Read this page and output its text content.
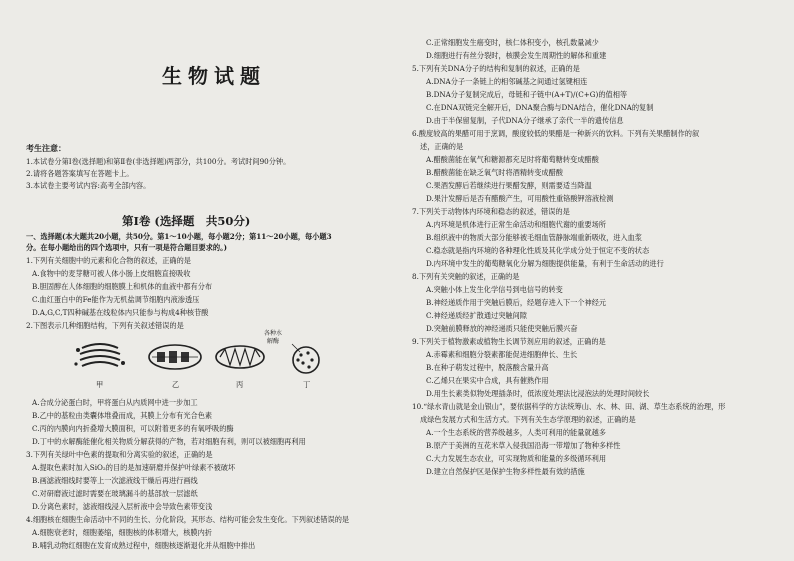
生物试题
考生注意：
1.本试卷分第Ⅰ卷(选择题)和第Ⅱ卷(非选择题)两部分，共100分。考试时间90分钟。
2.请将各题答案填写在答题卡上。
3.本试卷主要考试内容:高考全部内容。
第Ⅰ卷 (选择题　共50分)
一、选择题(本大题共20小题，共50分。第1～10小题，每小题2分；第11～20小题，每小题3
分。在每小题给出的四个选项中，只有一项是符合题目要求的。)
1.下列有关细胞中的元素和化合物的叙述，正确的是
A.食物中的麦芽糖可被人体小肠上皮细胞直接吸收
B.胆固醇在人体细胞的细胞膜上和机体的血液中都有分布
C.血红蛋白中的Fe能作为无机盐调节细胞内液渗透压
D.A,G,C,T四种碱基在线粒体内只能参与构成4种核苷酸
2.下图表示几种细胞结构，下列有关叙述错误的是
各种水
解酶
甲	乙	丙	丁
A.合成分泌蛋白时，甲将蛋白从内质网中进一步加工
B.乙中的基粒由类囊体堆叠而成，其膜上分布有光合色素
C.丙的内膜向内折叠增大膜面积，可以附着更多的有氧呼吸的酶
D.丁中的水解酶能催化相关物质分解获得的产物，若对细胞有利，则可以被细胞再利用
3.下列有关绿叶中色素的提取和分离实验的叙述，正确的是
A.提取色素时加入SiO₂的目的是加速研磨并保护叶绿素不被破坏
B.画滤液细线时要等上一次滤液线干燥后再进行画线
C.对研磨液过滤时需要在玻璃漏斗的基部放一层滤纸
D.分离色素时，滤液细线浸入层析液中会导致色素带变浅
4.细胞核在细胞生命活动中不同的生长、分化阶段，其形态、结构可能会发生变化。下列叙述错误的是
A.细胞衰老时，细胞萎缩，细胞核的体积增大，核膜内折
B.哺乳动物红细胞在发育成熟过程中，细胞核逐渐退化并从细胞中排出
C.正常细胞发生癌变时，核仁体积变小，核孔数量减少
D.细胞进行有丝分裂时，核膜会发生周期性的解体和重建
5.下列有关DNA分子的结构和复制的叙述，正确的是
A.DNA分子一条链上的相邻碱基之间通过氢键相连
B.DNA分子复制完成后，母链和子链中(A+T)/(C+G)的值相等
C.在DNA双链完全解开后，DNA聚合酶与DNA结合，催化DNA的复制
D.由于半保留复制，子代DNA分子继承了亲代一半的遗传信息
6.酸度较高的果醋可用于烹调，酸度较低的果醋是一种新兴的饮料。下列有关果醋制作的叙
述，正确的是
A.醋酸菌能在氧气和糖源都充足时将葡萄糖转变成醋酸
B.醋酸菌能在缺乏氧气时将酒精转变成醋酸
C.果酒发酵后若继续进行果醋发酵，则需要适当降温
D.果汁发酵后是否有醋酸产生，可用酸性重铬酸钾溶液检测
7.下列关于动物体内环境和稳态的叙述，错误的是
A.内环境是机体进行正常生命活动和细胞代谢的重要场所
B.组织液中的物质大部分能够被毛细血管静脉端重新吸收，进入血浆
C.稳态就是指内环境的各种理化性质及其化学成分处于恒定不变的状态
D.内环境中发生的葡萄糖氧化分解为细胞提供能量，有利于生命活动的进行
8.下列有关突触的叙述，正确的是
A.突触小体上发生化学信号到电信号的转变
B.神经递质作用于突触后膜后，经题存进入下一个神经元
C.神经递质经扩散通过突触间隙
D.突触前膜释放的神经递质只能使突触后膜兴奋
9.下列关于植物激素或植物生长调节剂应用的叙述，正确的是
A.赤霉素和细胞分裂素都能促进细胞伸长、生长
B.在种子萌发过程中，脱落酸含量升高
C.乙烯只在果实中合成，具有催熟作用
D.用生长素类似物处理插条时，低浓度处理法比浸泡法的处理时间较长
10.“绿水青山就是金山银山”，要依据科学的方法统筹山、水、林、田、湖、草生态系统的治理，形
成绿色发展方式和生活方式。下列有关生态学原理的叙述，正确的是
A.一个生态系统的营养级越多，人类可利用的能量就越多
B.原产于美洲的互花米草入侵我国沿海一带增加了物种多样性
C.大力发展生态农业，可实现物质和能量的多级循环利用
D.建立自然保护区是保护生物多样性最有效的措施
